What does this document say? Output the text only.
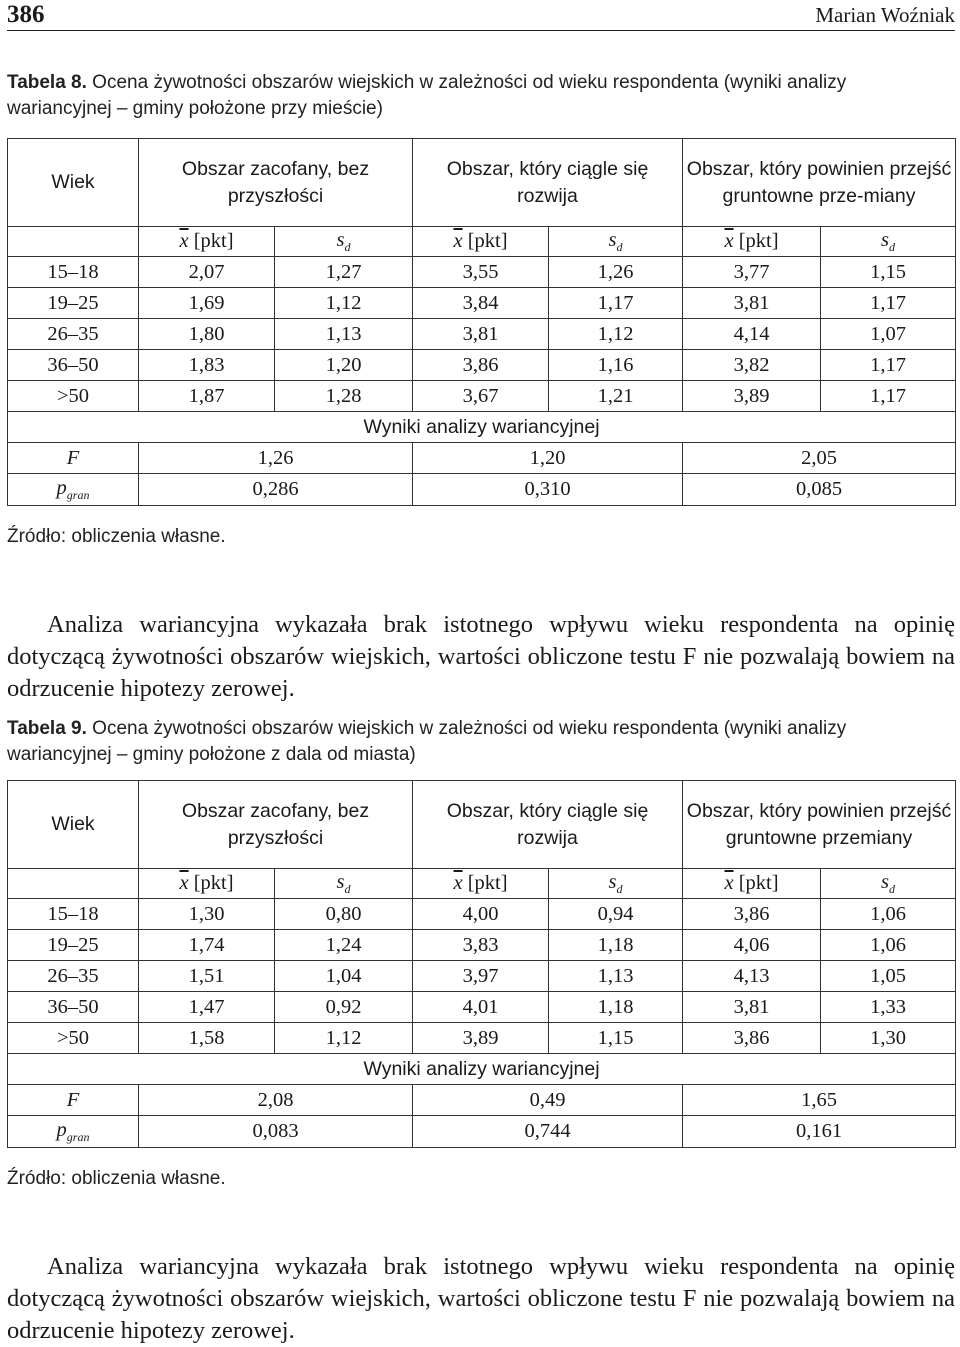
386	Marian Woźniak
Tabela 8. Ocena żywotności obszarów wiejskich w zależności od wieku respondenta (wyniki analizy wariancyjnej – gminy położone przy mieście)
Wiek	Obszar zacofany, bez przyszłości		Obszar, który ciągle się rozwija		Obszar, który powinien przejść gruntowne prze-miany		
	$\overline{x}$ [pkt]	$s_d$	$\overline{x}$ [pkt]	$s_d$	$\overline{x}$ [pkt]	$s_d$
15–18	2,07	1,27	3,55	1,26	3,77	1,15	
19–25	1,69	1,12	3,84	1,17	3,81	1,17	
26–35	1,80	1,13	3,81	1,12	4,14	1,07	
36–50	1,83	1,20	3,86	1,16	3,82	1,17	
>50	1,87	1,28	3,67	1,21	3,89	1,17	
Wyniki analizy wariancyjnej							
F	1,26		1,20		2,05		
$p_{gran}$	0,286		0,310		0,085		
Źródło: obliczenia własne.

Analiza wariancyjna wykazała brak istotnego wpływu wieku respondenta na opinię dotyczącą żywotności obszarów wiejskich, wartości obliczone testu F nie pozwalają bowiem na odrzucenie hipotezy zerowej.

Tabela 9. Ocena żywotności obszarów wiejskich w zależności od wieku respondenta (wyniki analizy wariancyjnej – gminy położone z dala od miasta)
Wiek	Obszar zacofany, bez przyszłości		Obszar, który ciągle się rozwija		Obszar, który powinien przejść gruntowne przemiany		
	$\overline{x}$ [pkt]	$s_d$	$\overline{x}$ [pkt]	$s_d$	$\overline{x}$ [pkt]	$s_d$
15–18	1,30	0,80	4,00	0,94	3,86	1,06	
19–25	1,74	1,24	3,83	1,18	4,06	1,06	
26–35	1,51	1,04	3,97	1,13	4,13	1,05	
36–50	1,47	0,92	4,01	1,18	3,81	1,33	
>50	1,58	1,12	3,89	1,15	3,86	1,30	
Wyniki analizy wariancyjnej							
F	2,08		0,49		1,65		
$p_{gran}$	0,083		0,744		0,161		
Źródło: obliczenia własne.

Analiza wariancyjna wykazała brak istotnego wpływu wieku respondenta na opinię dotyczącą żywotności obszarów wiejskich, wartości obliczone testu F nie pozwalają bowiem na odrzucenie hipotezy zerowej.
